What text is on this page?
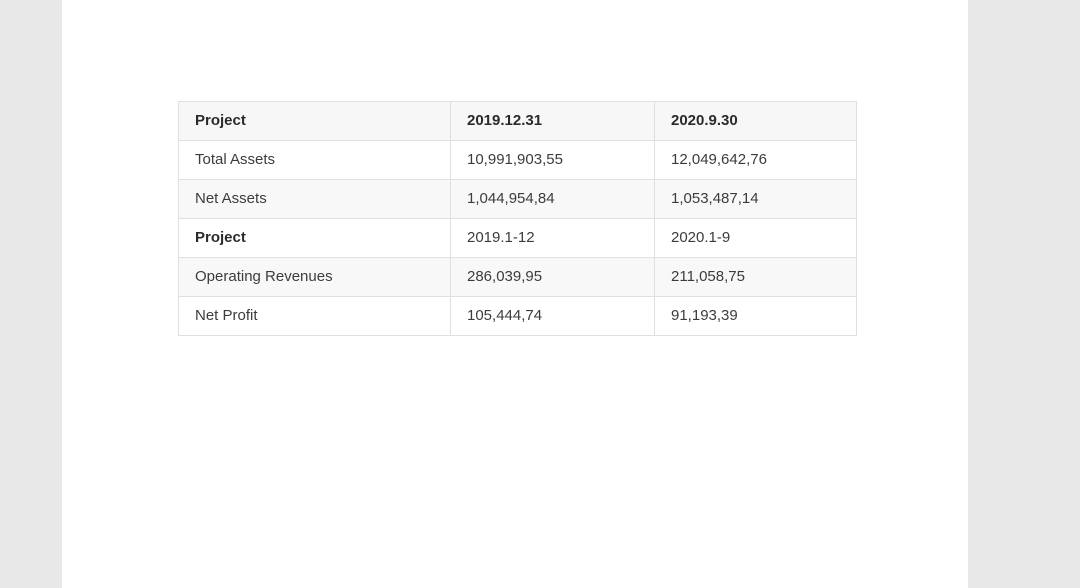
Project	2019.12.31	2020.9.30
Total Assets	10,991,903,55	12,049,642,76
Net Assets	1,044,954,84	1,053,487,14
Project	2019.1-12	2020.1-9
Operating Revenues	286,039,95	211,058,75
Net Profit	105,444,74	91,193,39
